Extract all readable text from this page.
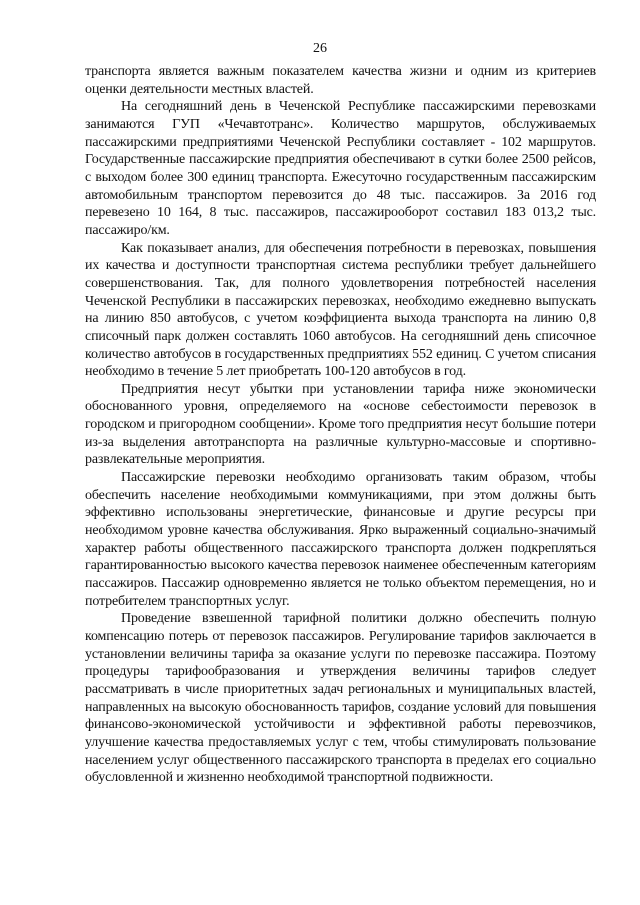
26

транспорта является важным показателем качества жизни и одним из критериев оценки деятельности местных властей.

На сегодняшний день в Чеченской Республике пассажирскими перевозками занимаются ГУП «Чечавтотранс». Количество маршрутов, обслуживаемых пассажирскими предприятиями Чеченской Республики составляет - 102 маршрутов. Государственные пассажирские предприятия обеспечивают в сутки более 2500 рейсов, с выходом более 300 единиц транспорта. Ежесуточно государственным пассажирским автомобильным транспортом перевозится до 48 тыс. пассажиров. За 2016 год перевезено 10 164, 8 тыс. пассажиров, пассажирооборот составил 183 013,2 тыс. пассажиро/км.

Как показывает анализ, для обеспечения потребности в перевозках, повышения их качества и доступности транспортная система республики требует дальнейшего совершенствования. Так, для полного удовлетворения потребностей населения Чеченской Республики в пассажирских перевозках, необходимо ежедневно выпускать на линию 850 автобусов, с учетом коэффициента выхода транспорта на линию 0,8 списочный парк должен составлять 1060 автобусов. На сегодняшний день списочное количество автобусов в государственных предприятиях 552 единиц. С учетом списания необходимо в течение 5 лет приобретать 100-120 автобусов в год.

Предприятия несут убытки при установлении тарифа ниже экономически обоснованного уровня, определяемого на «основе себестоимости перевозок в городском и пригородном сообщении». Кроме того предприятия несут большие потери из-за выделения автотранспорта на различные культурно-массовые и спортивно-развлекательные мероприятия.

Пассажирские перевозки необходимо организовать таким образом, чтобы обеспечить население необходимыми коммуникациями, при этом должны быть эффективно использованы энергетические, финансовые и другие ресурсы при необходимом уровне качества обслуживания. Ярко выраженный социально-значимый характер работы общественного пассажирского транспорта должен подкрепляться гарантированностью высокого качества перевозок наименее обеспеченным категориям пассажиров. Пассажир одновременно является не только объектом перемещения, но и потребителем транспортных услуг.

Проведение взвешенной тарифной политики должно обеспечить полную компенсацию потерь от перевозок пассажиров. Регулирование тарифов заключается в установлении величины тарифа за оказание услуги по перевозке пассажира. Поэтому процедуры тарифообразования и утверждения величины тарифов следует рассматривать в числе приоритетных задач региональных и муниципальных властей, направленных на высокую обоснованность тарифов, создание условий для повышения финансово-экономической устойчивости и эффективной работы перевозчиков, улучшение качества предоставляемых услуг с тем, чтобы стимулировать пользование населением услуг общественного пассажирского транспорта в пределах его социально обусловленной и жизненно необходимой транспортной подвижности.
